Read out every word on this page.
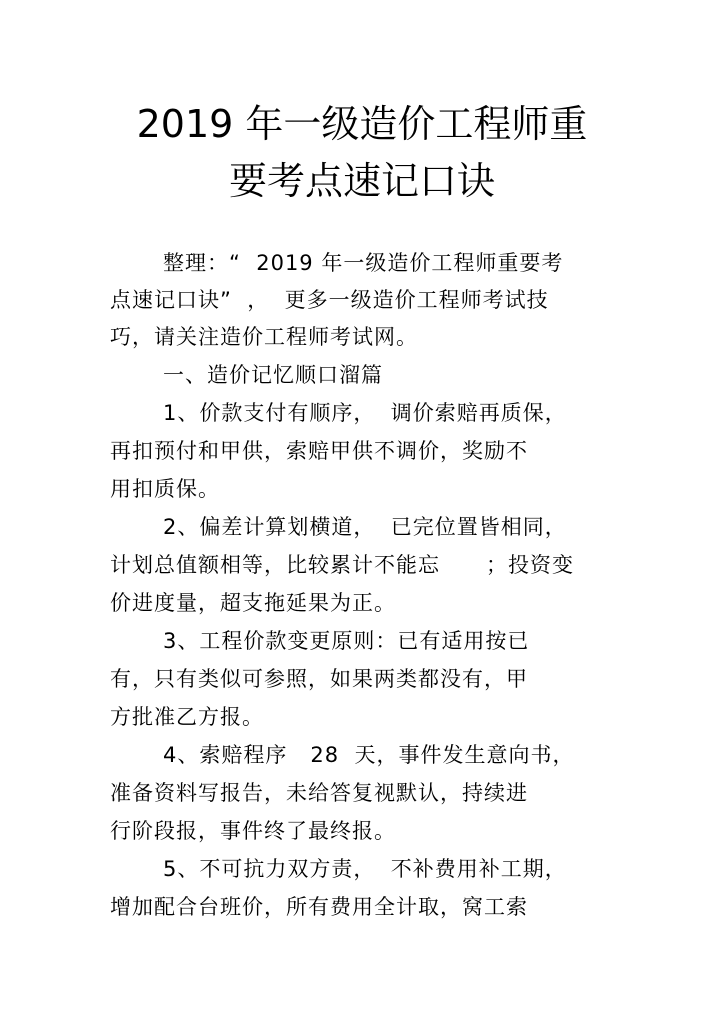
2019 年一级造价工程师重
要考点速记口诀
整理：“  2019 年一级造价工程师重要考
点速记口诀”  ，  更多一级造价工程师考试技
巧，请关注造价工程师考试网。
一、造价记忆顺口溜篇
1、价款支付有顺序，  调价索赔再质保，
再扣预付和甲供，索赔甲供不调价，奖励不
用扣质保。
2、偏差计算划横道，  已完位置皆相同，
计划总值额相等，比较累计不能忘      ；投资变
价进度量，超支拖延果为正。
3、工程价款变更原则：已有适用按已
有，只有类似可参照，如果两类都没有，甲
方批准乙方报。
4、索赔程序   28  天，事件发生意向书，
准备资料写报告，未给答复视默认，持续进
行阶段报，事件终了最终报。
5、不可抗力双方责，  不补费用补工期，
增加配合台班价，所有费用全计取，窝工索
